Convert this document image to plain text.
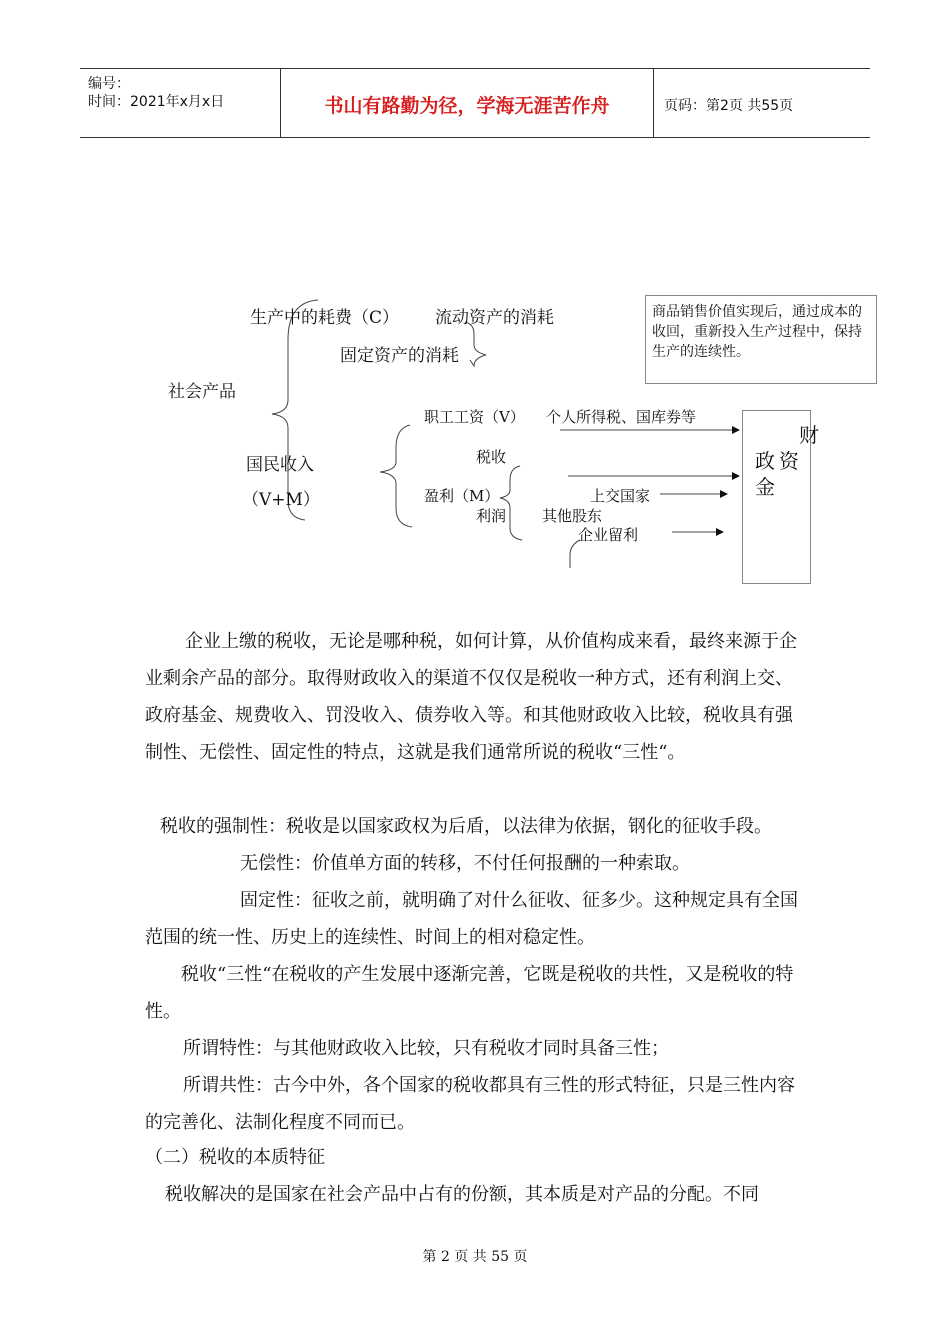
编号：
时间：2021年x月x日	书山有路勤为径，学海无涯苦作舟	页码：第2页 共55页
生产中的耗费（C） 流动资产的消耗
固定资产的消耗
社会产品
国民收入
（V+M）
职工工资（V） 个人所得税、国库券等
税收
盈利（M）	上交国家
利润 其他股东
企业留利
商品销售价值实现后，通过成本的收回，重新投入生产过程中，保持生产的连续性。
财
政 资
金

企业上缴的税收，无论是哪种税，如何计算，从价值构成来看，最终来源于企业剩余产品的部分。取得财政收入的渠道不仅仅是税收一种方式，还有利润上交、政府基金、规费收入、罚没收入、债券收入等。和其他财政收入比较，税收具有强制性、无偿性、固定性的特点，这就是我们通常所说的税收“三性“。

税收的强制性：税收是以国家政权为后盾，以法律为依据，钢化的征收手段。

无偿性：价值单方面的转移，不付任何报酬的一种索取。

固定性：征收之前，就明确了对什么征收、征多少。这种规定具有全国范围的统一性、历史上的连续性、时间上的相对稳定性。

税收“三性“在税收的产生发展中逐渐完善，它既是税收的共性，又是税收的特性。

所谓特性：与其他财政收入比较，只有税收才同时具备三性；

所谓共性：古今中外，各个国家的税收都具有三性的形式特征，只是三性内容的完善化、法制化程度不同而已。

（二）税收的本质特征

税收解决的是国家在社会产品中占有的份额，其本质是对产品的分配。不同

第 2 页 共 55 页
